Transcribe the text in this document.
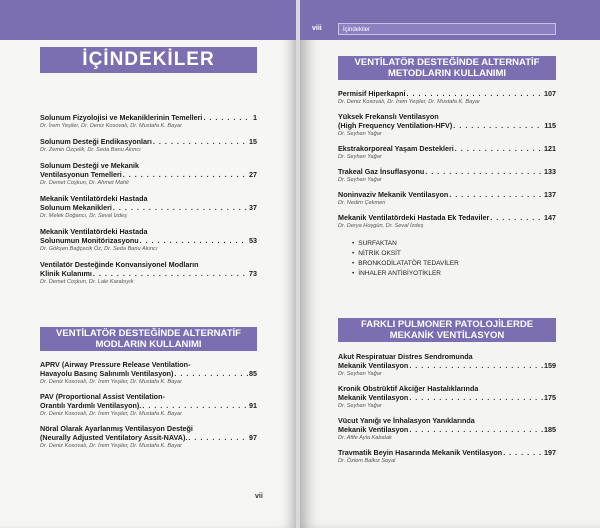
İÇİNDEKİLER
Solunum Fizyolojisi ve Mekaniklerinin Temelleri . . .	1
Dr. İrem Yeşiler, Dr. Deniz Kosovalı, Dr. Mustafa K. Bayar
Solunum Desteği Endikasyonları . . .	15
Dr. Zemin Özçelik, Dr. Seda Banu Akıncı
Solunum Desteği ve Mekanik
Ventilasyonun Temelleri . . .	27
Dr. Demet Coşkun, Dr. Ahmet Mahli
Mekanik Ventilatördeki Hastada
Solunum Mekanikleri . . .	37
Dr. Melek Doğancı, Dr. Seval İzdeş
Mekanik Ventilatördeki Hastada
Solunumun Monitörizasyonu . . .	53
Dr. Gökşen Bağçecik Öz, Dr. Seda Banu Akıncı
Ventilatör Desteğinde Konvansiyonel Modların
Klinik Kulanımı . . .	73
Dr. Demet Coşkun, Dr. Lale Karabıyık
VENTİLATÖR DESTEĞİNDE ALTERNATİF
MODLARIN KULLANIMI
APRV (Airway Pressure Release Ventilation-
Havayolu Basınç Salınımlı Ventilasyon) . . .	85
Dr. Deniz Kosovalı, Dr. İrem Yeşiler, Dr. Mustafa K. Bayar
PAV (Proportional Assist Ventilation-
Orantılı Yardımlı Ventilasyon). . . .	91
Dr. Deniz Kosovalı, Dr. İrem Yeşiler, Dr. Mustafa K. Bayar
Nöral Olarak Ayarlanmış Ventilasyon Desteği
(Neurally Adjusted Ventilatory Assit-NAVA). . . .	97
Dr. Deniz Kosovalı, Dr. İrem Yeşiler, Dr. Mustafa K. Bayar
vii
viii	İçindekiler
VENTİLATÖR DESTEĞİNDE ALTERNATİF
METODLARIN KULLANIMI
Permisif Hiperkapni . . .	107
Dr. Deniz Kosovalı, Dr. İrem Yeşiler, Dr. Mustafa K. Bayar
Yüksek Frekanslı Ventilasyon
(High Frequency Ventilation-HFV) . . .	115
Dr. Seyhan Yağar
Ekstrakorporeal Yaşam Destekleri . . .	121
Dr. Seyhan Yağar
Trakeal Gaz İnsuflasyonu . . .	133
Dr. Seyhan Yağar
Noninvaziv Mekanik Ventilasyon . . .	137
Dr. Nedim Çekmen
Mekanik Ventilatördeki Hastada Ek Tedaviler . . .	147
Dr. Derya Hoşgün, Dr. Seval İzdeş
• SURFAKTAN
• NİTRİK OKSİT
• BRONKODİLATATÖR TEDAVİLER
• İNHALER ANTİBİYOTİKLER
FARKLI PULMONER PATOLOJİLERDE
MEKANİK VENTİLASYON
Akut Respiratuar Distres Sendromunda
Mekanik Ventilasyon . . .	159
Dr. Seyhan Yağar
Kronik Obstrüktif Akciğer Hastalıklarında
Mekanik Ventilasyon . . .	175
Dr. Seyhan Yağar
Vücut Yanığı ve İnhalasyon Yanıklarında
Mekanik Ventilasyon . . .	185
Dr. Afife Ayla Kabalak
Travmatik Beyin Hasarında Mekanik Ventilasyon . . .	197
Dr. Özlem Balkız Soyal
